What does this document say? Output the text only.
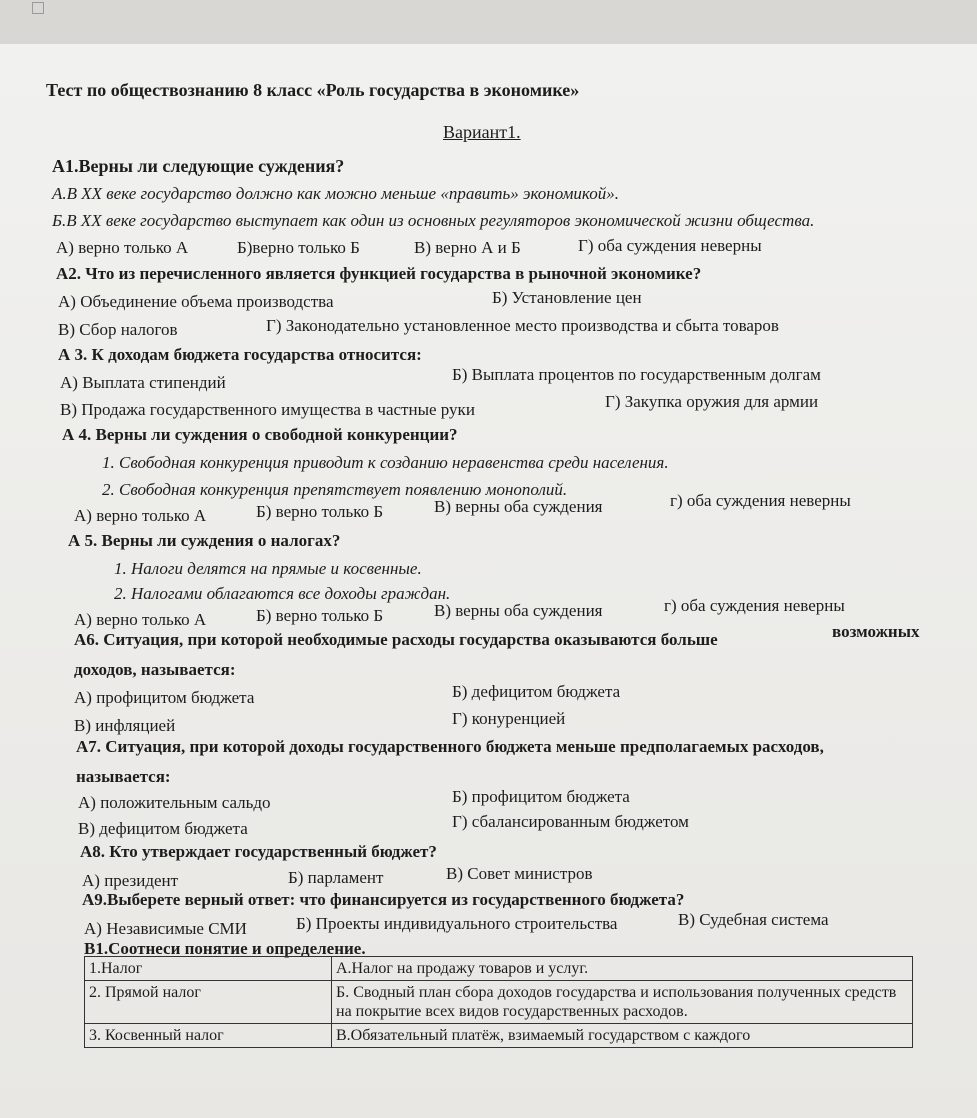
Тест по обществознанию 8 класс «Роль государства в экономике»
Вариант1.
А1.Верны ли следующие суждения?
А.В XX веке государство должно как можно меньше «править» экономикой».
Б.В XX веке государство выступает как один из основных регуляторов экономической жизни общества.
А) верно только А	Б)верно только Б	В) верно А и Б	Г) оба суждения неверны
А2. Что из перечисленного является функцией государства в рыночной экономике?
А) Объединение объема производства	Б) Установление цен
В) Сбор налогов	Г) Законодательно установленное место производства и сбыта товаров
А 3. К доходам бюджета государства относится:
А) Выплата стипендий	Б) Выплата процентов по государственным долгам
В) Продажа государственного имущества в частные руки	Г) Закупка оружия для армии
А 4. Верны ли суждения о свободной конкуренции?
1. Свободная конкуренция приводит к созданию неравенства среди населения.
2. Свободная конкуренция препятствует появлению монополий.
А) верно только А	Б) верно только Б	В) верны оба суждения	г) оба суждения неверны
А 5. Верны ли суждения о налогах?
1. Налоги делятся на прямые и косвенные.
2. Налогами облагаются все доходы граждан.
А) верно только А	Б) верно только Б	В) верны оба суждения	г) оба суждения неверны
А6. Ситуация, при которой необходимые расходы государства оказываются больше	возможных
доходов, называется:
А) профицитом бюджета	Б) дефицитом бюджета
В) инфляцией	Г) конуренцией
А7. Ситуация, при которой доходы государственного бюджета меньше предполагаемых расходов,
называется:
А) положительным сальдо	Б) профицитом бюджета
В) дефицитом бюджета	Г) сбалансированным бюджетом
А8. Кто утверждает государственный бюджет?
А) президент	Б) парламент	В) Совет министров
А9.Выберете верный ответ: что финансируется из государственного бюджета?
А) Независимые СМИ	Б) Проекты индивидуального строительства	В) Судебная система
В1.Соотнеси понятие и определение.
1.Налог	А.Налог на продажу товаров и услуг.
2. Прямой налог	Б. Сводный план сбора доходов государства и использования полученных средств на покрытие всех видов государственных расходов.
3. Косвенный налог	В.Обязательный платёж, взимаемый государством с каждого
